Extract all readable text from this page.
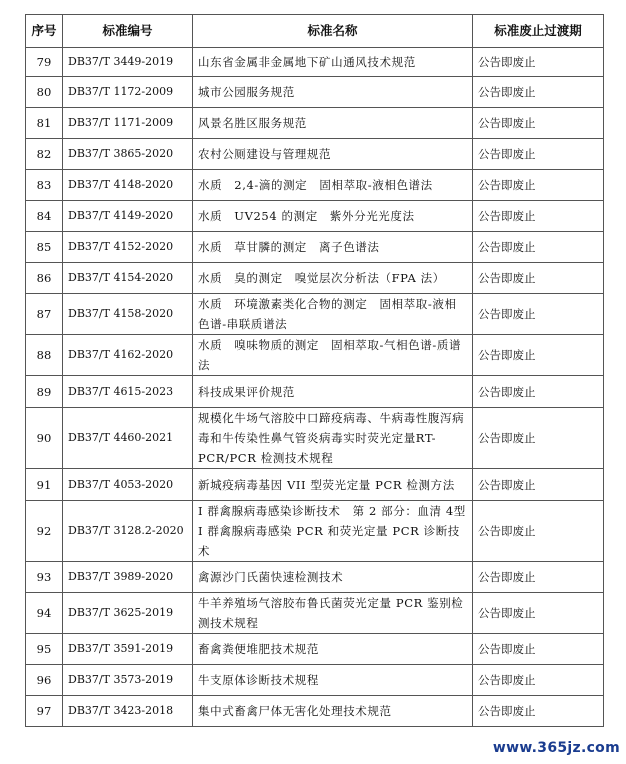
序号	标准编号	标准名称	标准废止过渡期
79	DB37/T 3449-2019	山东省金属非金属地下矿山通风技术规范	公告即废止
80	DB37/T 1172-2009	城市公园服务规范	公告即废止
81	DB37/T 1171-2009	风景名胜区服务规范	公告即废止
82	DB37/T 3865-2020	农村公厕建设与管理规范	公告即废止
83	DB37/T 4148-2020	水质　2,4-滴的测定　固相萃取-液相色谱法	公告即废止
84	DB37/T 4149-2020	水质　UV254 的测定　紫外分光光度法	公告即废止
85	DB37/T 4152-2020	水质　草甘膦的测定　离子色谱法	公告即废止
86	DB37/T 4154-2020	水质　臭的测定　嗅觉层次分析法（FPA 法）	公告即废止
87	DB37/T 4158-2020	水质　环境激素类化合物的测定　固相萃取-液相色谱-串联质谱法	公告即废止
88	DB37/T 4162-2020	水质　嗅味物质的测定　固相萃取-气相色谱-质谱法	公告即废止
89	DB37/T 4615-2023	科技成果评价规范	公告即废止
90	DB37/T 4460-2021	规模化牛场气溶胶中口蹄疫病毒、牛病毒性腹泻病毒和牛传染性鼻气管炎病毒实时荧光定量RT-PCR/PCR 检测技术规程	公告即废止
91	DB37/T 4053-2020	新城疫病毒基因 VII 型荧光定量 PCR 检测方法	公告即废止
92	DB37/T 3128.2-2020	I 群禽腺病毒感染诊断技术　第 2 部分：血清 4型 I 群禽腺病毒感染 PCR 和荧光定量 PCR 诊断技术	公告即废止
93	DB37/T 3989-2020	禽源沙门氏菌快速检测技术	公告即废止
94	DB37/T 3625-2019	牛羊养殖场气溶胶布鲁氏菌荧光定量 PCR 鉴别检测技术规程	公告即废止
95	DB37/T 3591-2019	畜禽粪便堆肥技术规范	公告即废止
96	DB37/T 3573-2019	牛支原体诊断技术规程	公告即废止
97	DB37/T 3423-2018	集中式畜禽尸体无害化处理技术规范	公告即废止
www.365jz.com
